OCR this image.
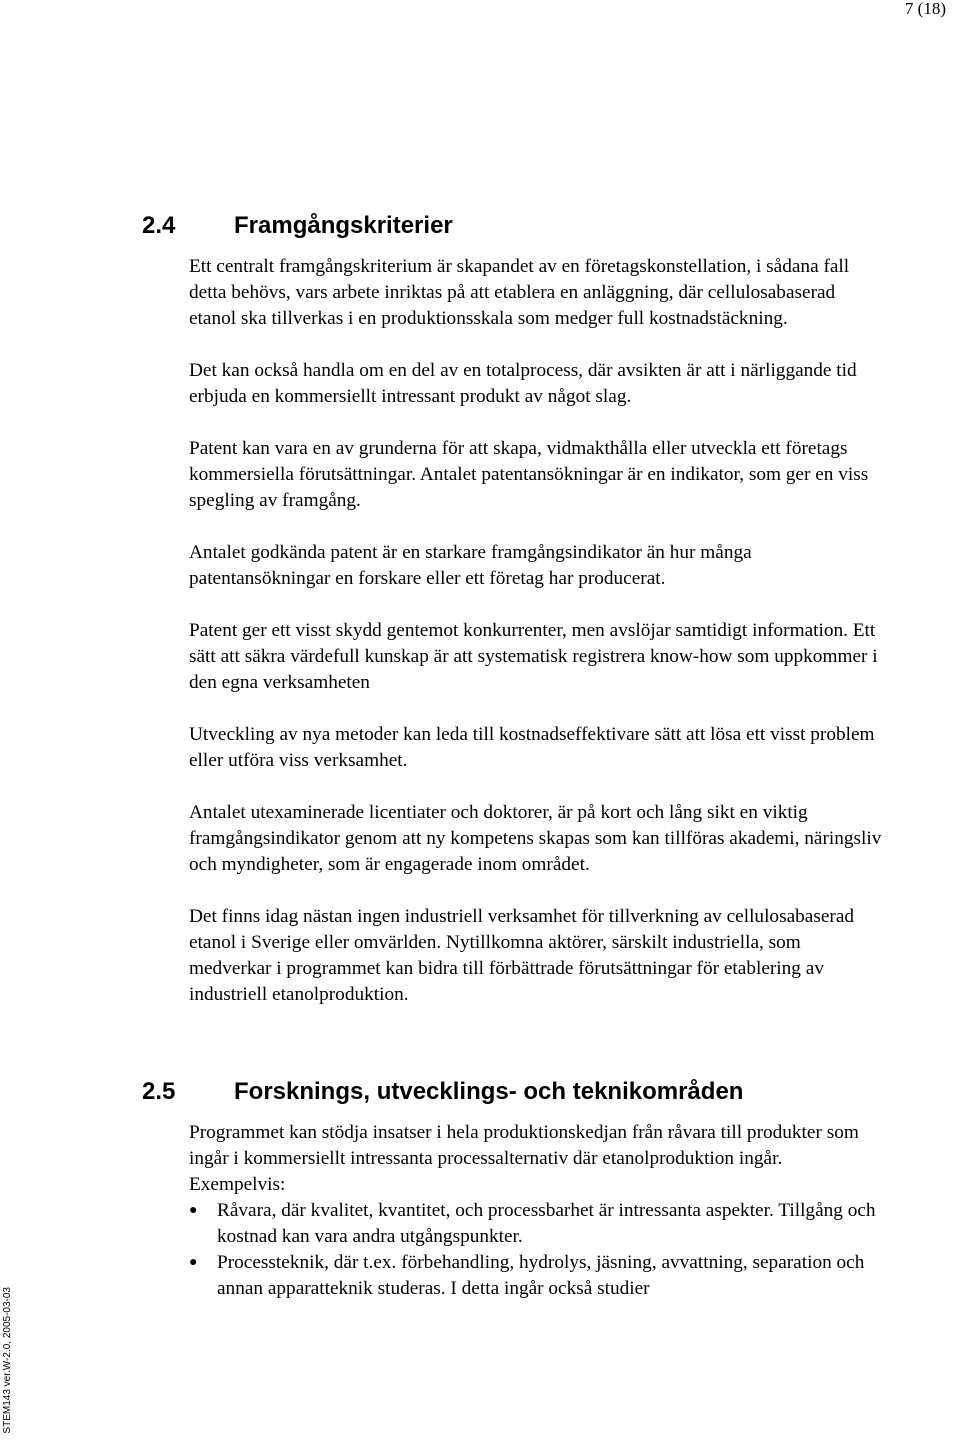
7 (18)
2.4	Framgångskriterier

Ett centralt framgångskriterium är skapandet av en företagskonstellation, i sådana fall detta behövs, vars arbete inriktas på att etablera en anläggning, där cellulosabaserad etanol ska tillverkas i en produktionsskala som medger full kostnadstäckning.

Det kan också handla om en del av en totalprocess, där avsikten är att i närliggande tid erbjuda en kommersiellt intressant produkt av något slag.

Patent kan vara en av grunderna för att skapa, vidmakthålla eller utveckla ett företags kommersiella förutsättningar. Antalet patentansökningar är en indikator, som ger en viss spegling av framgång.

Antalet godkända patent är en starkare framgångsindikator än hur många patentansökningar en forskare eller ett företag har producerat.

Patent ger ett visst skydd gentemot konkurrenter, men avslöjar samtidigt information. Ett sätt att säkra värdefull kunskap är att systematisk registrera know-how som uppkommer i den egna verksamheten

Utveckling av nya metoder kan leda till kostnadseffektivare sätt att lösa ett visst problem eller utföra viss verksamhet.

Antalet utexaminerade licentiater och doktorer, är på kort och lång sikt en viktig framgångsindikator genom att ny kompetens skapas som kan tillföras akademi, näringsliv och myndigheter, som är engagerade inom området.

Det finns idag nästan ingen industriell verksamhet för tillverkning av cellulosabaserad etanol i Sverige eller omvärlden. Nytillkomna aktörer, särskilt industriella, som medverkar i programmet kan bidra till förbättrade förutsättningar för etablering av industriell etanolproduktion.

2.5	Forsknings, utvecklings- och teknikområden

Programmet kan stödja insatser i hela produktionskedjan från råvara till produkter som ingår i kommersiellt intressanta processalternativ där etanolproduktion ingår. Exempelvis:

● Råvara, där kvalitet, kvantitet, och processbarhet är intressanta aspekter. Tillgång och kostnad kan vara andra utgångspunkter.
● Processteknik, där t.ex. förbehandling, hydrolys, jäsning, avvattning, separation och annan apparatteknik studeras. I detta ingår också studier
STEM143 ver.W-2.0, 2005-03-03
